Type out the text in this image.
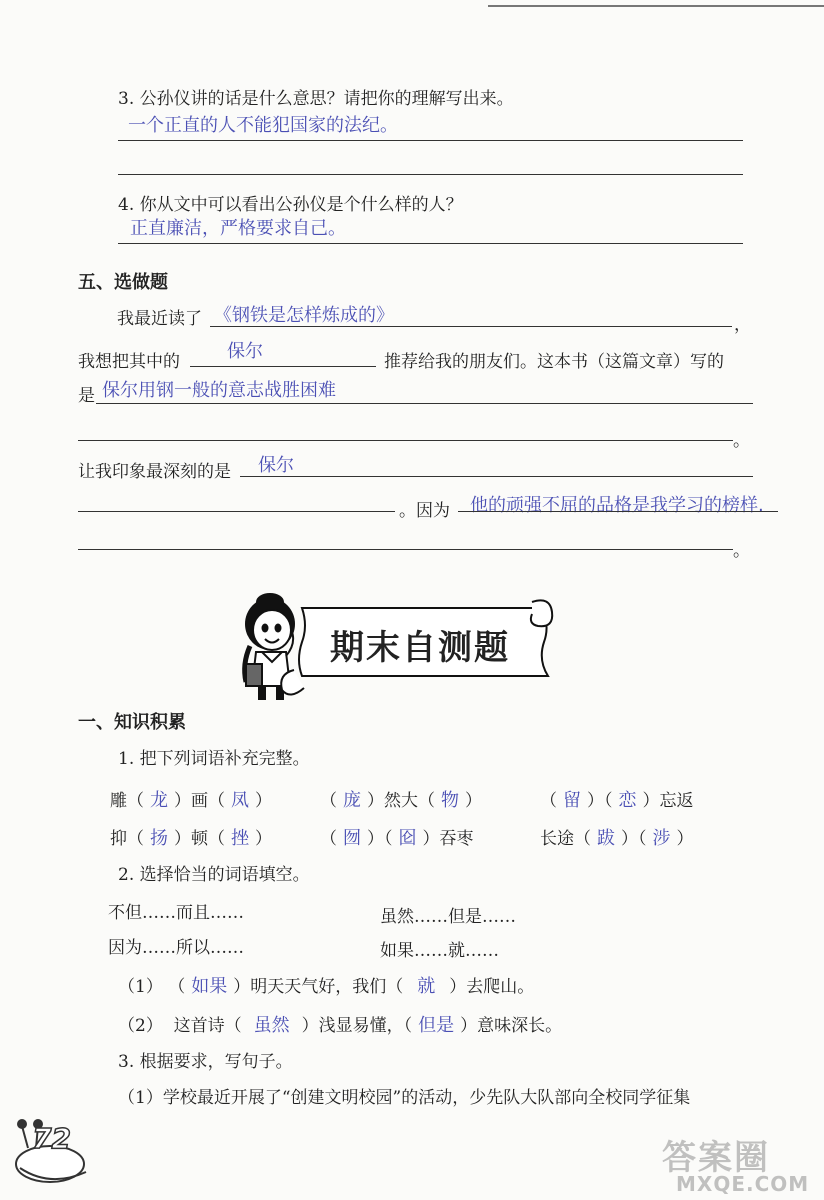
3. 公孙仪讲的话是什么意思？请把你的理解写出来。
一个正直的人不能犯国家的法纪。
4. 你从文中可以看出公孙仪是个什么样的人？
正直廉洁，严格要求自己。
五、选做题
我最近读了 《钢铁是怎样炼成的》	，
我想把其中的	保尔	推荐给我的朋友们。这本书（这篇文章）写的
是 保尔用钢一般的意志战胜困难
。
让我印象最深刻的是 保尔
。因为 他的顽强不屈的品格是我学习的榜样.
。
期末自测题
一、知识积累
1. 把下列词语补充完整。
雕（ 龙 ）画（ 凤 ）	（ 庞 ）然大（ 物 ）	（ 留 ）（ 恋 ）忘返
抑（ 扬 ）顿（ 挫 ）	（ 囫 ）（ 囵 ）吞枣	长途（ 跋 ）（ 涉 ）
2. 选择恰当的词语填空。
不但……而且……	虽然……但是……
因为……所以……	如果……就……
（1） （ 如果 ）明天天气好，我们（ 就 ）去爬山。
（2） 这首诗（ 虽然 ）浅显易懂，（ 但是 ）意味深长。
3. 根据要求，写句子。
（1）学校最近开展了“创建文明校园”的活动，少先队大队部向全校同学征集
72	答案圈
MXQE.COM
